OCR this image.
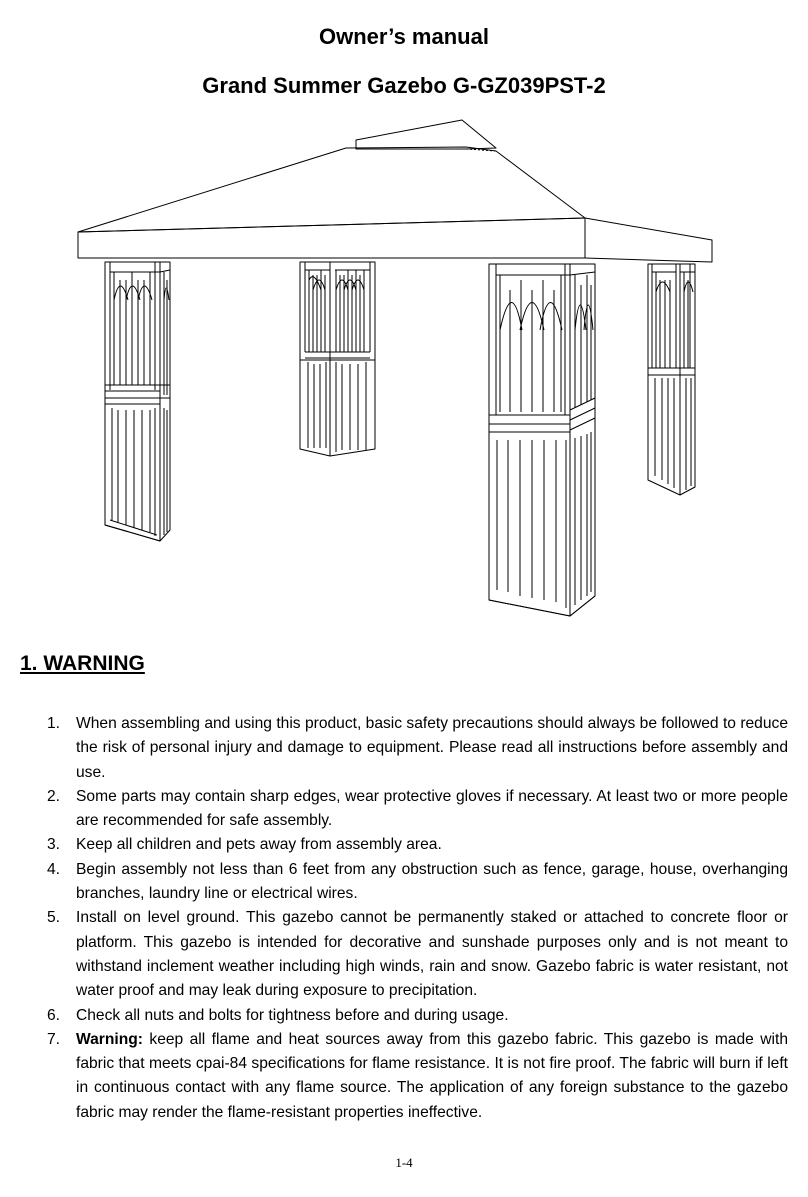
Owner’s manual
Grand Summer Gazebo G-GZ039PST-2
1. WARNING
1. When assembling and using this product, basic safety precautions should always be followed to reduce the risk of personal injury and damage to equipment. Please read all instructions before assembly and use.
2. Some parts may contain sharp edges, wear protective gloves if necessary. At least two or more people are recommended for safe assembly.
3. Keep all children and pets away from assembly area.
4. Begin assembly not less than 6 feet from any obstruction such as fence, garage, house, overhanging branches, laundry line or electrical wires.
5. Install on level ground. This gazebo cannot be permanently staked or attached to concrete floor or platform. This gazebo is intended for decorative and sunshade purposes only and is not meant to withstand inclement weather including high winds, rain and snow. Gazebo fabric is water resistant, not water proof and may leak during exposure to precipitation.
6. Check all nuts and bolts for tightness before and during usage.
7. Warning: keep all flame and heat sources away from this gazebo fabric. This gazebo is made with fabric that meets cpai-84 specifications for flame resistance. It is not fire proof. The fabric will burn if left in continuous contact with any flame source. The application of any foreign substance to the gazebo fabric may render the flame-resistant properties ineffective.
1-4
